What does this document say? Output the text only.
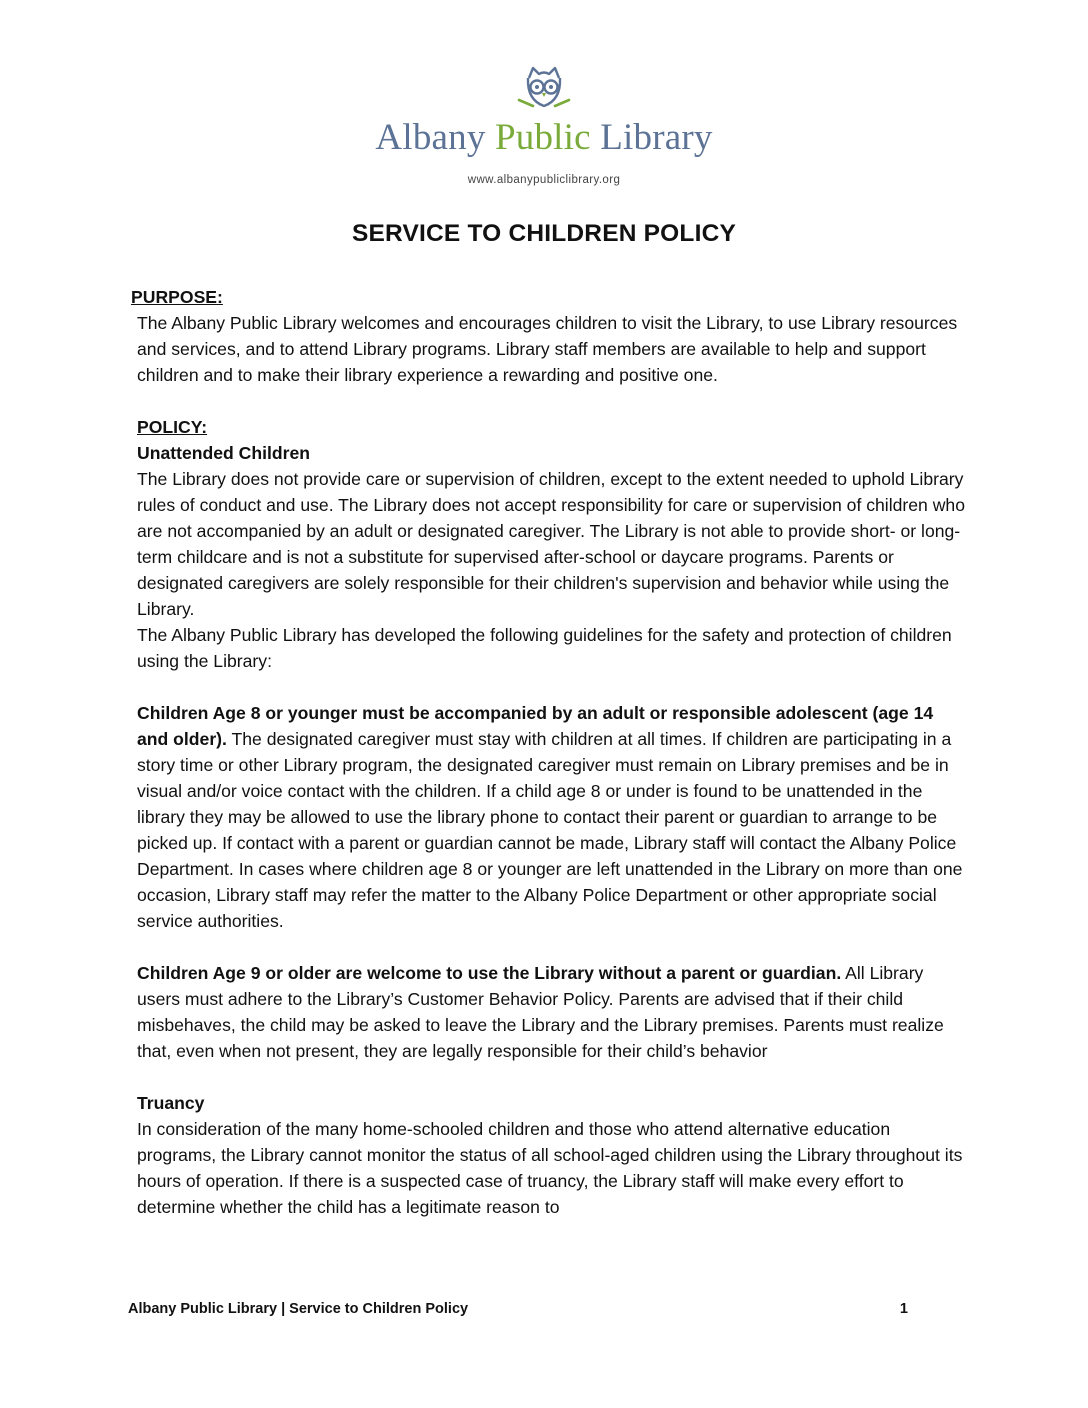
Albany Public Library
www.albanypubliclibrary.org
SERVICE TO CHILDREN POLICY

PURPOSE:

The Albany Public Library welcomes and encourages children to visit the Library, to use Library resources and services, and to attend Library programs. Library staff members are available to help and support children and to make their library experience a rewarding and positive one.

POLICY:

Unattended Children

The Library does not provide care or supervision of children, except to the extent needed to uphold Library rules of conduct and use. The Library does not accept responsibility for care or supervision of children who are not accompanied by an adult or designated caregiver. The Library is not able to provide short- or long-term childcare and is not a substitute for supervised after-school or daycare programs. Parents or designated caregivers are solely responsible for their children's supervision and behavior while using the Library.

The Albany Public Library has developed the following guidelines for the safety and protection of children using the Library:

Children Age 8 or younger must be accompanied by an adult or responsible adolescent (age 14 and older). The designated caregiver must stay with children at all times. If children are participating in a story time or other Library program, the designated caregiver must remain on Library premises and be in visual and/or voice contact with the children. If a child age 8 or under is found to be unattended in the library they may be allowed to use the library phone to contact their parent or guardian to arrange to be picked up. If contact with a parent or guardian cannot be made, Library staff will contact the Albany Police Department. In cases where children age 8 or younger are left unattended in the Library on more than one occasion, Library staff may refer the matter to the Albany Police Department or other appropriate social service authorities.

Children Age 9 or older are welcome to use the Library without a parent or guardian. All Library users must adhere to the Library’s Customer Behavior Policy. Parents are advised that if their child misbehaves, the child may be asked to leave the Library and the Library premises. Parents must realize that, even when not present, they are legally responsible for their child’s behavior

Truancy

In consideration of the many home-schooled children and those who attend alternative education programs, the Library cannot monitor the status of all school-aged children using the Library throughout its hours of operation. If there is a suspected case of truancy, the Library staff will make every effort to determine whether the child has a legitimate reason to

Albany Public Library | Service to Children Policy	1
